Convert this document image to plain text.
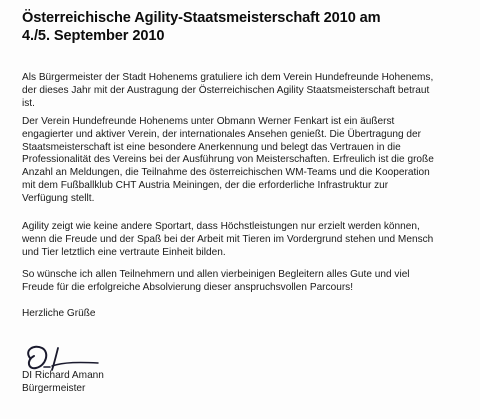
Österreichische Agility-Staatsmeisterschaft 2010 am
4./5. September 2010

Als Bürgermeister der Stadt Hohenems gratuliere ich dem Verein Hundefreunde Hohenems,
der dieses Jahr mit der Austragung der Österreichischen Agility Staatsmeisterschaft betraut
ist.

Der Verein Hundefreunde Hohenems unter Obmann Werner Fenkart ist ein äußerst
engagierter und aktiver Verein, der internationales Ansehen genießt. Die Übertragung der
Staatsmeisterschaft ist eine besondere Anerkennung und belegt das Vertrauen in die
Professionalität des Vereins bei der Ausführung von Meisterschaften. Erfreulich ist die große
Anzahl an Meldungen, die Teilnahme des österreichischen WM-Teams und die Kooperation
mit dem Fußballklub CHT Austria Meiningen, der die erforderliche Infrastruktur zur
Verfügung stellt.

Agility zeigt wie keine andere Sportart, dass Höchstleistungen nur erzielt werden können,
wenn die Freude und der Spaß bei der Arbeit mit Tieren im Vordergrund stehen und Mensch
und Tier letztlich eine vertraute Einheit bilden.

So wünsche ich allen Teilnehmern und allen vierbeinigen Begleitern alles Gute und viel
Freude für die erfolgreiche Absolvierung dieser anspruchsvollen Parcours!

Herzliche Grüße

DI Richard Amann

Bürgermeister
